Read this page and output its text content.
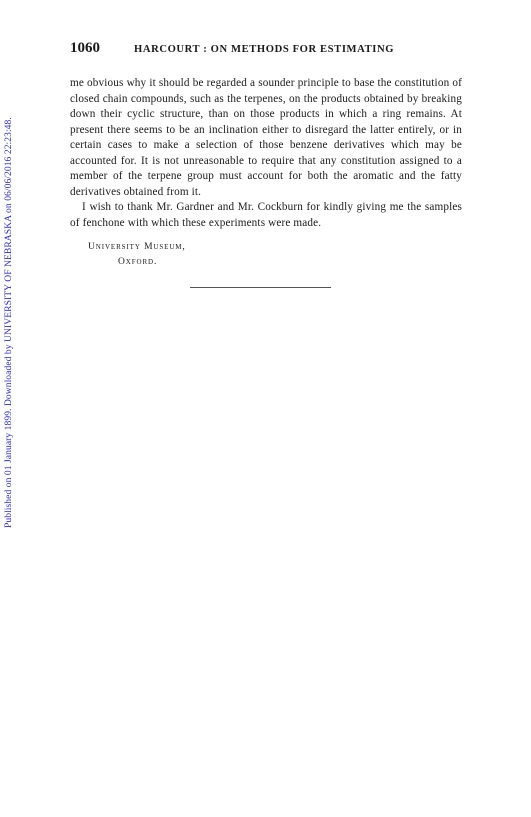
Published on 01 January 1899. Downloaded by UNIVERSITY OF NEBRASKA on 06/06/2016 22:23:48.
1060	HARCOURT : ON METHODS FOR ESTIMATING

me obvious why it should be regarded a sounder principle to base the constitution of closed chain compounds, such as the terpenes, on the products obtained by breaking down their cyclic structure, than on those products in which a ring remains. At present there seems to be an inclination either to disregard the latter entirely, or in certain cases to make a selection of those benzene derivatives which may be accounted for. It is not unreasonable to require that any constitution assigned to a member of the terpene group must account for both the aromatic and the fatty derivatives obtained from it.

I wish to thank Mr. Gardner and Mr. Cockburn for kindly giving me the samples of fenchone with which these experiments were made.

University Museum,
Oxford.
